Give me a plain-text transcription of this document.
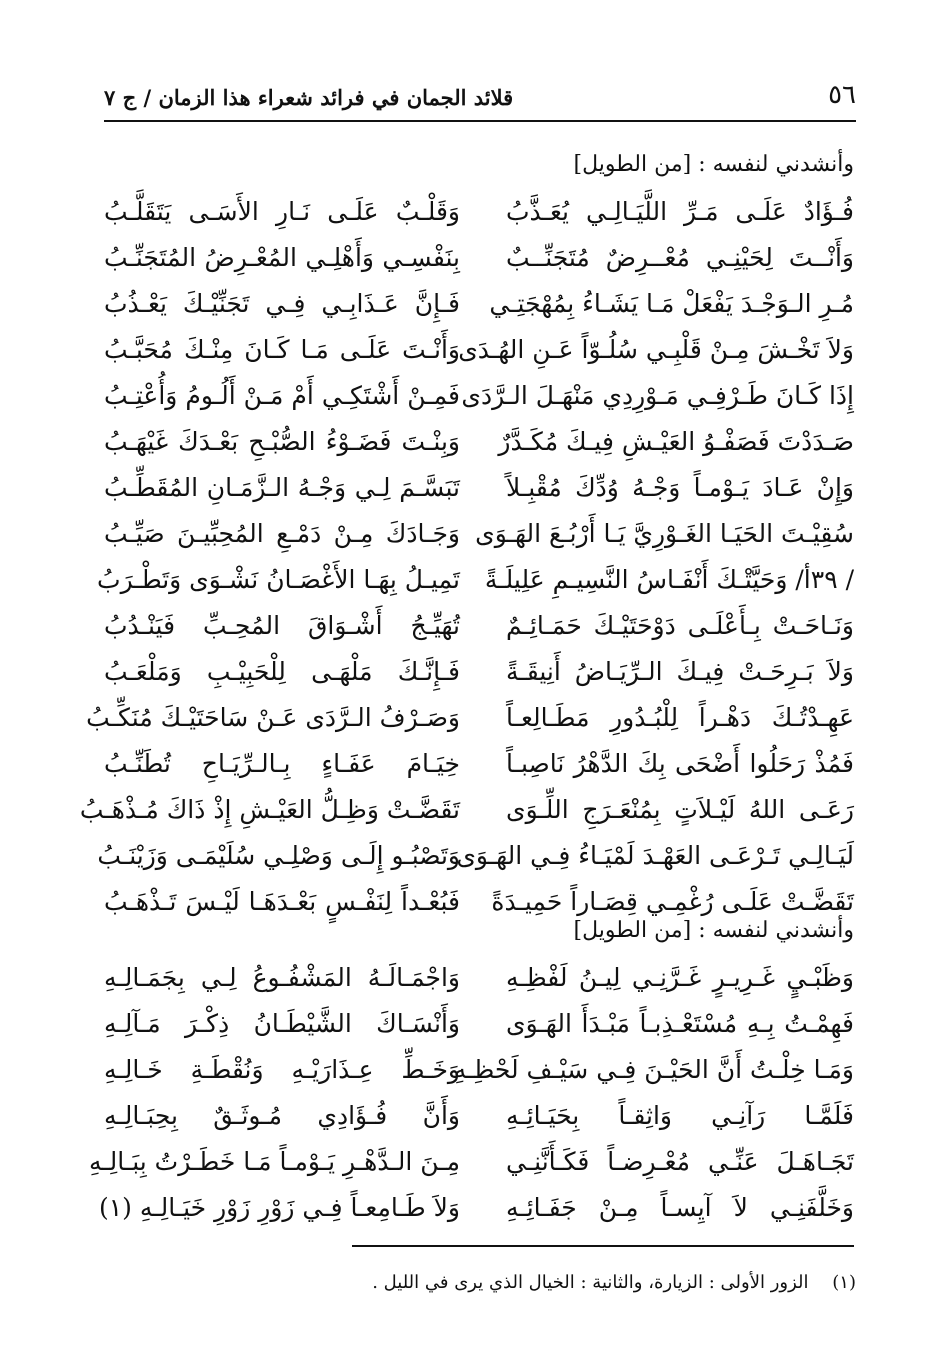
٥٦
قلائد الجمان في فرائد شعراء هذا الزمان / ج ٧
وأنشدني لنفسه : [من الطويل]
فُـؤَادٌ عَلَـى مَـرِّ اللَّيَـالِـي يُعَـذَّبُ
وَأَنْــتَ لِحَيْنِـي مُعْــرِضٌ مُتَجَنِّــبٌ
مُـرِ الـوَجْـدَ يَفْعَلْ مَـا يَشَـاءُ بِمُهْجَتِـي
وَلاَ تَخْـشَ مِـنْ قَلْبِـي سُلُـوّاً عَـنِ الهُـدَى
إِذَا كَـانَ طَـرْفِـي مَـوْرِدِي مَنْهَـلَ الـرَّدَى
صَـدَدْتَ فَصَفْـوُ العَيْـشِ فِيـكَ مُكَـدَّرٌ
وَإِنْ عَـادَ يَـوْمـاً وَجْـهُ وُدِّكَ مُقْبِـلاً
سُقِيْـتَ الحَيَـا الغَـوْرِيَّ يَـا أَرْبُـعَ الهَـوَى
/ ٣٩أ/ وَحَيَّتْـكَ أَنْفَـاسُ النَّسِيـمِ عَلِيلَـةً
وَنَـاحَـتْ بِـأَعْلَـى دَوْحَتَيْـكَ حَمَـائِـمٌ
وَلاَ بَـرِحَـتْ فِيـكَ الـرِّيَـاضُ أَنِيقَـةً
عَهِـدْتُـكَ دَهْـراً لِلْبُـدُورِ مَطَـالِعـاً
فَمُذْ رَحَلُوا أَضْحَى بِكَ الدَّهْرُ نَاصِبـاً
رَعَـى اللهُ لَيْـلاَتٍ بِمُنْعَـرَجِ اللِّـوَى
لَيَـالِـي تَـرْعَـى العَهْـدَ لَمْيَـاءُ فِـي الهَـوَى
تَقَضَّـتْ عَلَـى رُغْمِـي قِصَـاراً حَمِيـدَةً
وَقَلْـبٌ عَلَـى نَـارِ الأَسَـى يَتَقَلَّـبُ
بِنَفْسِـي وَأَهْلِـي المُعْـرِضُ المُتَجَنِّـبُ
فَـإِنَّ عَـذَابِـي فِـي تَجَنِّيْـكَ يَعْـذُبُ
وَأَنْـتَ عَلَـى مَـا كَـانَ مِنْـكَ مُحَبَّـبُ
فَمِـنْ أَشْتَكِـي أَمْ مَـنْ أَلُـومُ وَأُعْتِـبُ
وَبِنْـتَ فَضَـوْءُ الصُّبْـحِ بَعْـدَكَ غَيْهَـبُ
تَبَسَّـمَ لِـي وَجْـهُ الـزَّمَـانِ المُقَطِّـبُ
وَجَـادَكَ مِـنْ دَمْـعِ المُحِبِّيـنَ صَيِّـبُ
تَمِيـلُ بِهَـا الأَغْصَـانُ نَشْـوَى وَتَطْـرَبُ
تُهَيِّـجُ أَشْـوَاقَ المُحِـبِّ فَيَنْـدُبُ
فَـإِنَّـكَ مَلْهَـى لِلْحَبِيْـبِ وَمَلْعَـبُ
وَصَـرْفُ الـرَّدَى عَـنْ سَاحَتَيْـكَ مُنَكِّـبُ
خِيَـامَ عَفَـاءٍ بِـالـرِّيَـاحِ تُطَنِّـبُ
تَقَضَّـتْ وَظِـلُّ العَيْـشِ إِذْ ذَاكَ مُـذْهَـبُ
وَتَصْبُـو إِلَـى وَصْلِـي سُلَيْمَـى وَزَيْنَـبُ
فَبُعْـداً لِنَفْـسٍ بَعْـدَهَـا لَيْـسَ تَـذْهَـبُ
وأنشدني لنفسه : [من الطويل]
وَظَبْـيٍ غَـرِيـرٍ غَـرَّنِـي لِيـنُ لَفْظِـهِ
فَهِمْـتُ بِـهِ مُسْتَعْـذِبـاً مَبْـدَأَ الهَـوَى
وَمَـا خِلْـتُ أَنَّ الحَيْـنَ فِـي سَيْـفِ لَحْظِـهِ
فَلَمَّـا رَآنِـي وَاثِقـاً بِحَيَـائِـهِ
تَجَـاهَـلَ عَنِّـي مُعْـرِضـاً فَكَـأَنَّنِـي
وَخَلَّفَنِـي لاَ آيِسـاً مِـنْ جَفَـائِـهِ
وَاجْمَـالَـهُ المَشْفُـوعُ لِـي بِجَمَـالِـهِ
وَأَنْسَـاكَ الشَّيْطَـانُ ذِكْـرَ مَـآلِـهِ
وَخَـطِّ عِـذَارَيْـهِ وَنُقْطَـةِ خَـالِـهِ
وَأَنَّ فُـؤَادِي مُـوثَـقٌ بِحِبَـالِـهِ
مِـنَ الـدَّهْـرِ يَـوْمـاً مَـا خَطَـرْتُ بِبَـالِـهِ
وَلاَ طَـامِعـاً فِـي زَوْرِ زَوْرِ خَيَـالِـهِ (١)
(١) الزور الأولى : الزيارة، والثانية : الخيال الذي يرى في الليل .
